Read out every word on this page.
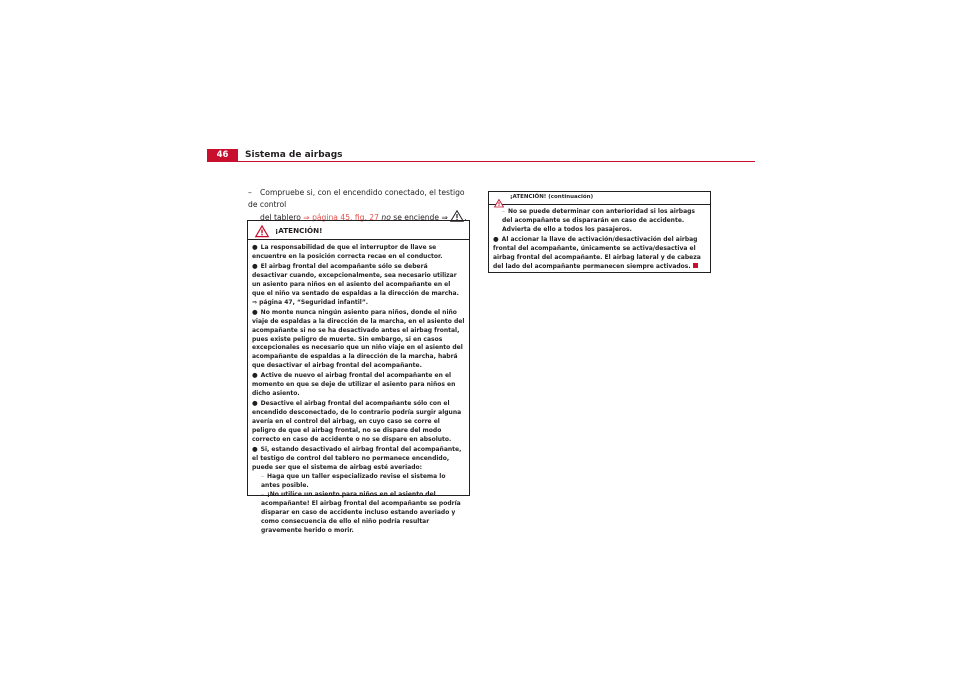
46	Sistema de airbags
– Compruebe si, con el encendido conectado, el testigo de control
del tablero ⇒ página 45, fig. 27 no se enciende ⇒ .
¡ATENCIÓN!

● La responsabilidad de que el interruptor de llave se encuentre en la posición correcta recae en el conductor.

● El airbag frontal del acompañante sólo se deberá desactivar cuando, excepcionalmente, sea necesario utilizar un asiento para niños en el asiento del acompañante en el que el niño va sentado de espaldas a la dirección de marcha. ⇒ página 47, “Seguridad infantil”.

● No monte nunca ningún asiento para niños, donde el niño viaje de espaldas a la dirección de la marcha, en el asiento del acompañante si no se ha desactivado antes el airbag frontal, pues existe peligro de muerte. Sin embargo, si en casos excepcionales es necesario que un niño viaje en el asiento del acompañante de espaldas a la dirección de la marcha, habrá que desactivar el airbag frontal del acompañante.

● Active de nuevo el airbag frontal del acompañante en el momento en que se deje de utilizar el asiento para niños en dicho asiento.

● Desactive el airbag frontal del acompañante sólo con el encendido desconectado, de lo contrario podría surgir alguna avería en el control del airbag, en cuyo caso se corre el peligro de que el airbag frontal, no se dispare del modo correcto en caso de accidente o no se dispare en absoluto.

● Si, estando desactivado el airbag frontal del acompañante, el testigo de control del tablero no permanece encendido, puede ser que el sistema de airbag esté averiado:

– Haga que un taller especializado revise el sistema lo antes posible.

– ¡No utilice un asiento para niños en el asiento del acompañante! El airbag frontal del acompañante se podría disparar en caso de accidente incluso estando averiado y como consecuencia de ello el niño podría resultar gravemente herido o morir.

¡ATENCIÓN! (continuación)

– No se puede determinar con anterioridad si los airbags del acompañante se dispararán en caso de accidente. Advierta de ello a todos los pasajeros.

● Al accionar la llave de activación/desactivación del airbag frontal del acompañante, únicamente se activa/desactiva el airbag frontal del acompañante. El airbag lateral y de cabeza del lado del acompañante permanecen siempre activados.
